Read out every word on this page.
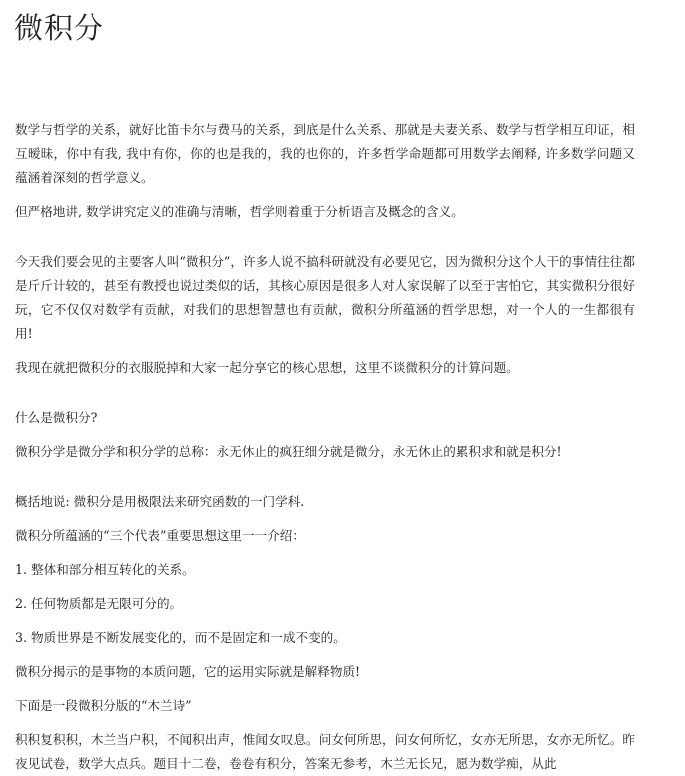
微积分

数学与哲学的关系，就好比笛卡尔与费马的关系，到底是什么关系、那就是夫妻关系、数学与哲学相互印证，相互暧昧，你中有我, 我中有你，你的也是我的，我的也你的，许多哲学命题都可用数学去阐释, 许多数学问题又蕴涵着深刻的哲学意义。

但严格地讲, 数学讲究定义的准确与清晰，哲学则着重于分析语言及概念的含义。

今天我们要会见的主要客人叫“微积分”，许多人说不搞科研就没有必要见它，因为微积分这个人干的事情往往都是斤斤计较的，甚至有教授也说过类似的话，其核心原因是很多人对人家误解了以至于害怕它，其实微积分很好玩，它不仅仅对数学有贡献，对我们的思想智慧也有贡献，微积分所蕴涵的哲学思想，对一个人的一生都很有用!

我现在就把微积分的衣服脱掉和大家一起分享它的核心思想，这里不谈微积分的计算问题。

什么是微积分?

微积分学是微分学和积分学的总称：永无休止的疯狂细分就是微分，永无休止的累积求和就是积分!

概括地说: 微积分是用极限法来研究函数的一门学科.

微积分所蕴涵的“三个代表”重要思想这里一一介绍：

1. 整体和部分相互转化的关系。

2. 任何物质都是无限可分的。

3. 物质世界是不断发展变化的，而不是固定和一成不变的。

微积分揭示的是事物的本质问题，它的运用实际就是解释物质!

下面是一段微积分版的“木兰诗”

积积复积积，木兰当户积，不闻积出声，惟闻女叹息。问女何所思，问女何所忆，女亦无所思，女亦无所忆。昨夜见试卷，数学大点兵。题目十二卷，卷卷有积分，答案无参考，木兰无长兄，愿为数学痴，从此
